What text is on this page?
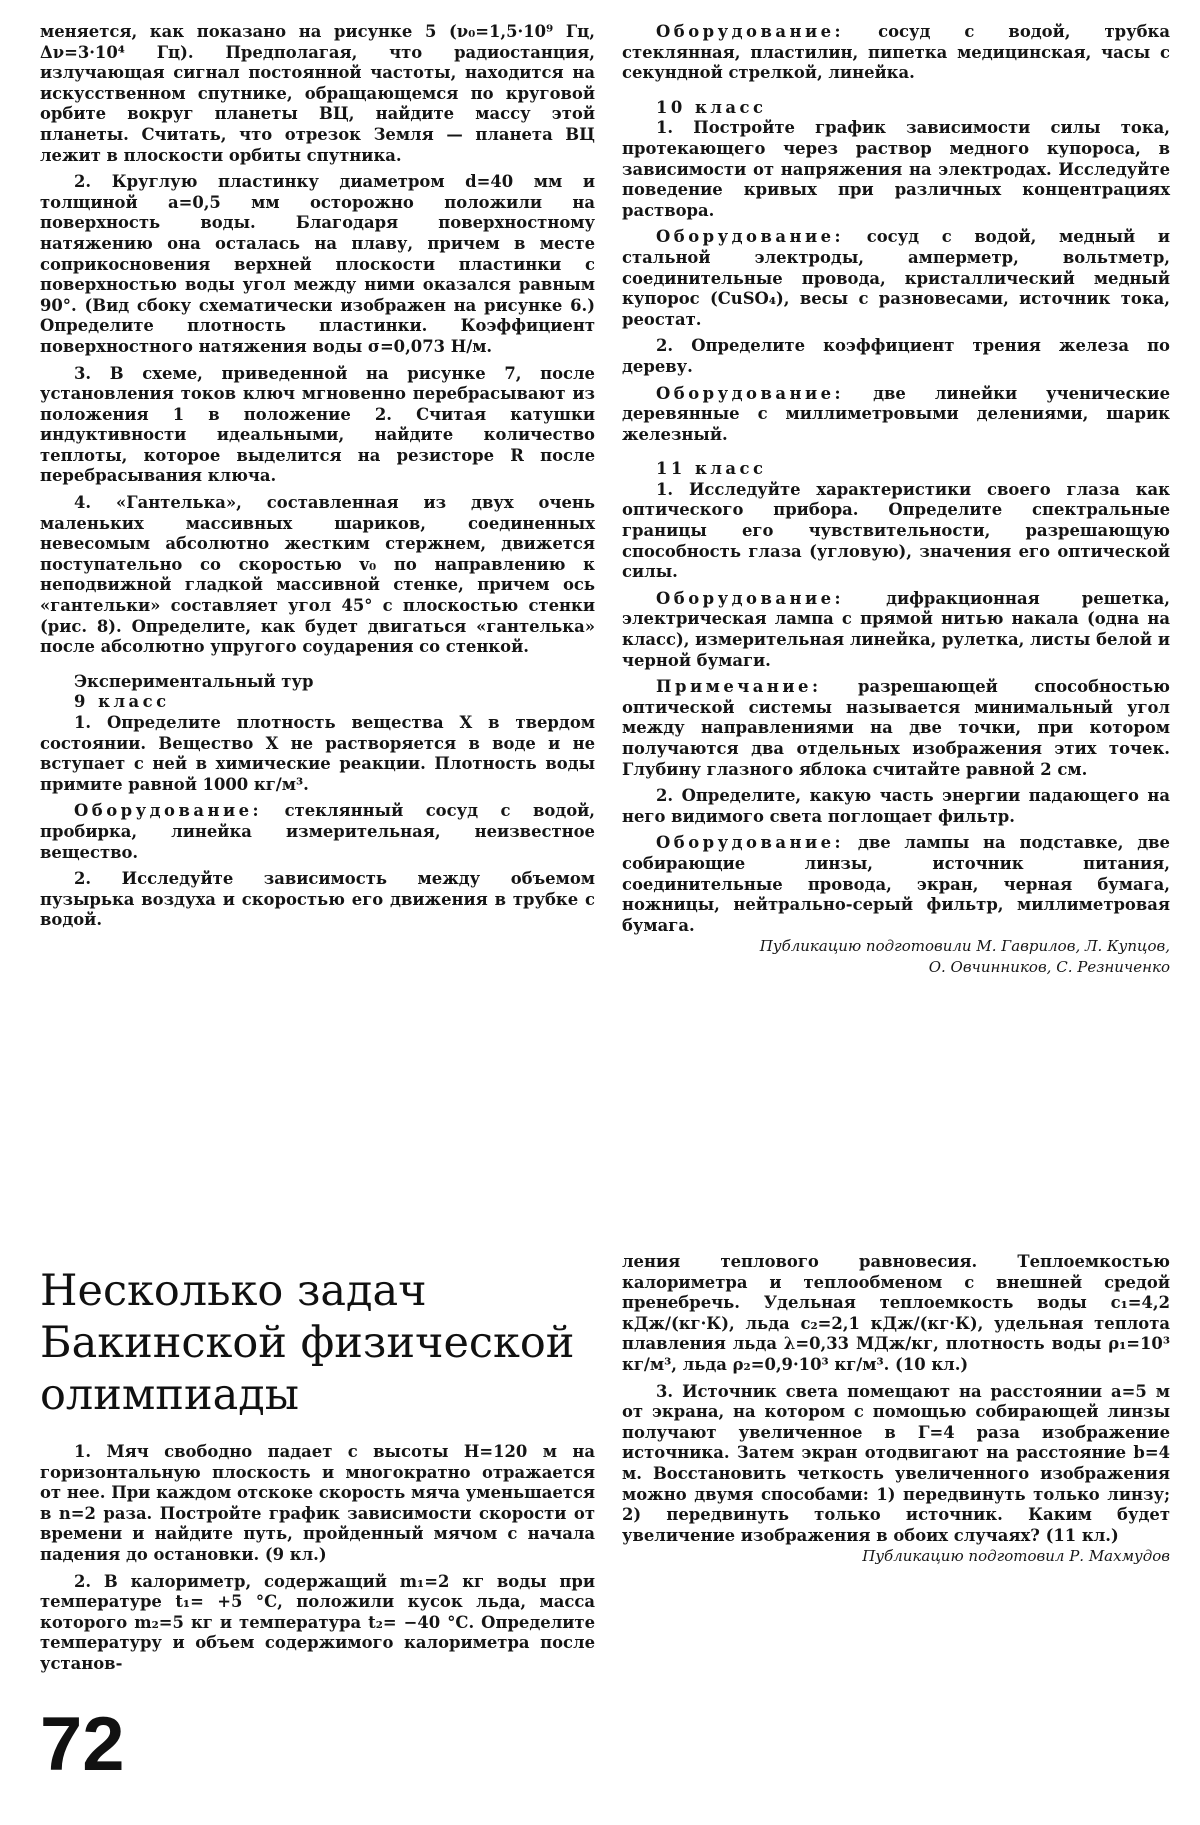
меняется, как показано на рисунке 5 (ν₀=1,5·10⁹ Гц, Δν=3·10⁴ Гц). Предполагая, что радиостанция, излучающая сигнал постоянной частоты, находится на искусственном спутнике, обращающемся по круговой орбите вокруг планеты ВЦ, найдите массу этой планеты. Считать, что отрезок Земля — планета ВЦ лежит в плоскости орбиты спутника.

2. Круглую пластинку диаметром d=40 мм и толщиной a=0,5 мм осторожно положили на поверхность воды. Благодаря поверхностному натяжению она осталась на плаву, причем в месте соприкосновения верхней плоскости пластинки с поверхностью воды угол между ними оказался равным 90°. (Вид сбоку схематически изображен на рисунке 6.) Определите плотность пластинки. Коэффициент поверхностного натяжения воды σ=0,073 Н/м.

3. В схеме, приведенной на рисунке 7, после установления токов ключ мгновенно перебрасывают из положения 1 в положение 2. Считая катушки индуктивности идеальными, найдите количество теплоты, которое выделится на резисторе R после перебрасывания ключа.

4. «Гантелька», составленная из двух очень маленьких массивных шариков, соединенных невесомым абсолютно жестким стержнем, движется поступательно со скоростью v₀ по направлению к неподвижной гладкой массивной стенке, причем ось «гантельки» составляет угол 45° с плоскостью стенки (рис. 8). Определите, как будет двигаться «гантелька» после абсолютно упругого соударения со стенкой.

Экспериментальный тур

9 класс

1. Определите плотность вещества X в твердом состоянии. Вещество X не растворяется в воде и не вступает с ней в химические реакции. Плотность воды примите равной 1000 кг/м³.

Оборудование: стеклянный сосуд с водой, пробирка, линейка измерительная, неизвестное вещество.

2. Исследуйте зависимость между объемом пузырька воздуха и скоростью его движения в трубке с водой.

Оборудование: сосуд с водой, трубка стеклянная, пластилин, пипетка медицинская, часы с секундной стрелкой, линейка.

10 класс

1. Постройте график зависимости силы тока, протекающего через раствор медного купороса, в зависимости от напряжения на электродах. Исследуйте поведение кривых при различных концентрациях раствора.

Оборудование: сосуд с водой, медный и стальной электроды, амперметр, вольтметр, соединительные провода, кристаллический медный купорос (CuSO₄), весы с разновесами, источник тока, реостат.

2. Определите коэффициент трения железа по дереву.

Оборудование: две линейки ученические деревянные с миллиметровыми делениями, шарик железный.

11 класс

1. Исследуйте характеристики своего глаза как оптического прибора. Определите спектральные границы его чувствительности, разрешающую способность глаза (угловую), значения его оптической силы.

Оборудование:	дифракционная решетка, электрическая лампа с прямой нитью накала (одна на класс), измерительная линейка, рулетка, листы белой и черной бумаги.

Примечание: разрешающей способностью оптической системы называется минимальный угол между направлениями на две точки, при котором получаются два отдельных изображения этих точек. Глубину глазного яблока считайте равной 2 см.

2. Определите, какую часть энергии падающего на него видимого света поглощает фильтр.

Оборудование: две лампы на подставке, две собирающие линзы, источник питания, соединительные провода, экран, черная бумага, ножницы, нейтрально-серый фильтр, миллиметровая бумага.

Публикацию подготовили М. Гаврилов, Л. Купцов,

О. Овчинников, С. Резниченко

Несколько задач
Бакинской физической
олимпиады

1. Мяч свободно падает с высоты H=120 м на горизонтальную плоскость и многократно отражается от нее. При каждом отскоке скорость мяча уменьшается в n=2 раза. Постройте график зависимости скорости от времени и найдите путь, пройденный мячом с начала падения до остановки. (9 кл.)

2. В калориметр, содержащий m₁=2 кг воды при температуре t₁= +5 °С, положили кусок льда, масса которого m₂=5 кг и температура t₂= −40 °С. Определите температуру и объем содержимого калориметра после установ-

ления теплового равновесия. Теплоемкостью калориметра и теплообменом с внешней средой пренебречь. Удельная теплоемкость воды c₁=4,2 кДж/(кг·К), льда c₂=2,1 кДж/(кг·К), удельная теплота плавления льда λ=0,33 МДж/кг, плотность воды ρ₁=10³ кг/м³, льда ρ₂=0,9·10³ кг/м³. (10 кл.)

3. Источник света помещают на расстоянии a=5 м от экрана, на котором с помощью собирающей линзы получают увеличенное в Γ=4 раза изображение источника. Затем экран отодвигают на расстояние b=4 м. Восстановить четкость увеличенного изображения можно двумя способами: 1) передвинуть только линзу; 2) передвинуть только источник. Каким будет увеличение изображения в обоих случаях? (11 кл.)

Публикацию подготовил Р. Махмудов

72
